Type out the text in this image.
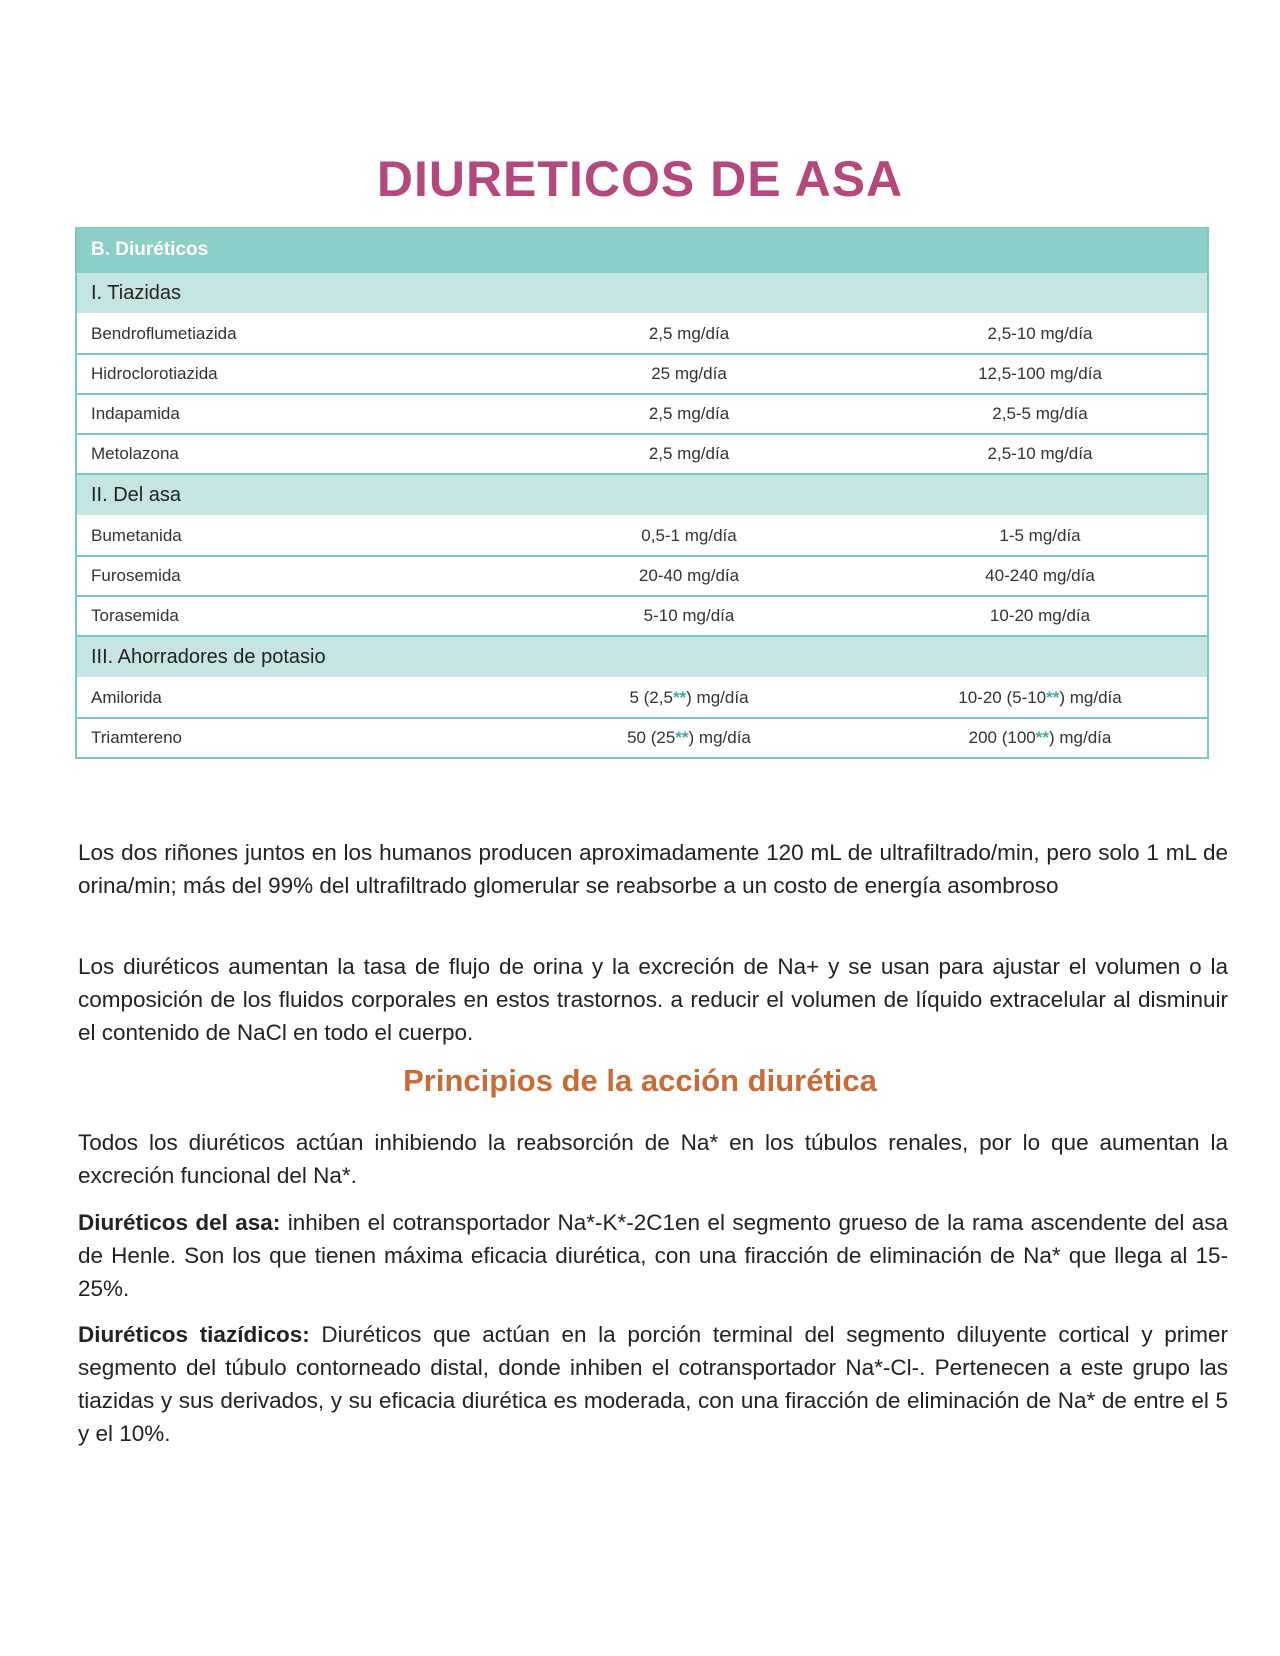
DIURETICOS DE ASA
B. Diuréticos		
I. Tiazidas		
Bendroflumetiazida	2,5 mg/día	2,5-10 mg/día
Hidroclorotiazida	25 mg/día	12,5-100 mg/día
Indapamida	2,5 mg/día	2,5-5 mg/día
Metolazona	2,5 mg/día	2,5-10 mg/día
II. Del asa		
Bumetanida	0,5-1 mg/día	1-5 mg/día
Furosemida	20-40 mg/día	40-240 mg/día
Torasemida	5-10 mg/día	10-20 mg/día
III. Ahorradores de potasio		
Amilorida	5 (2,5**) mg/día	10-20 (5-10**) mg/día
Triamtereno	50 (25**) mg/día	200 (100**) mg/día

Los dos riñones juntos en los humanos producen aproximadamente 120 mL de ultrafiltrado/min, pero solo 1 mL de orina/min; más del 99% del ultrafiltrado glomerular se reabsorbe a un costo de energía asombroso

Los diuréticos aumentan la tasa de flujo de orina y la excreción de Na+ y se usan para ajustar el volumen o la composición de los fluidos corporales en estos trastornos. a reducir el volumen de líquido extracelular al disminuir el contenido de NaCl en todo el cuerpo.

Principios de la acción diurética

Todos los diuréticos actúan inhibiendo la reabsorción de Na* en los túbulos renales, por lo que aumentan la excreción funcional del Na*.

Diuréticos del asa: inhiben el cotransportador Na*-K*-2C1en el segmento grueso de la rama ascendente del asa de Henle. Son los que tienen máxima eficacia diurética, con una firacción de eliminación de Na* que llega al 15-25%.

Diuréticos tiazídicos: Diuréticos que actúan en la porción terminal del segmento diluyente cortical y primer segmento del túbulo contorneado distal, donde inhiben el cotransportador Na*-Cl-. Pertenecen a este grupo las tiazidas y sus derivados, y su eficacia diurética es moderada, con una firacción de eliminación de Na* de entre el 5 y el 10%.
